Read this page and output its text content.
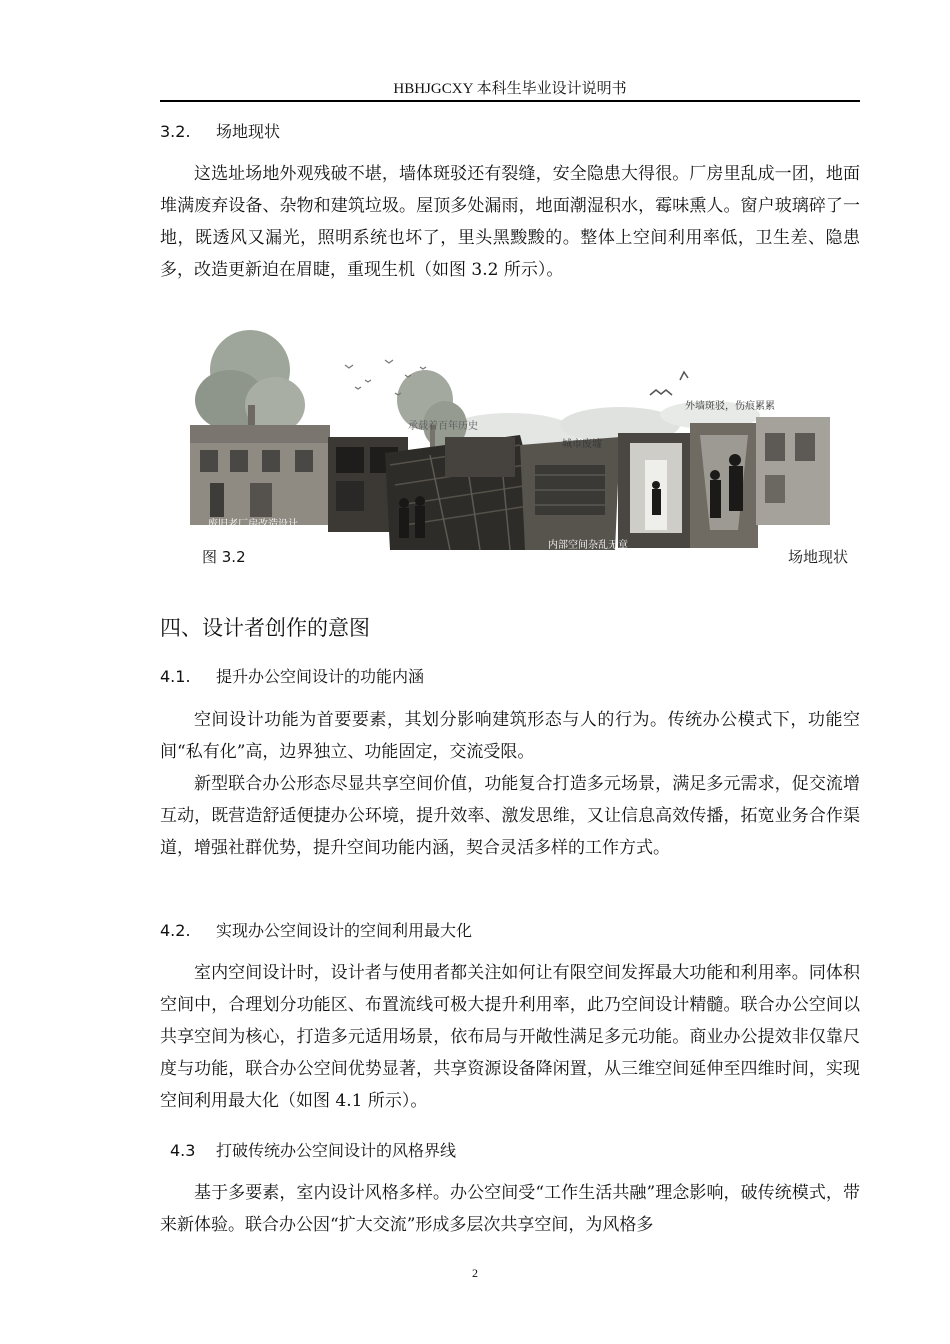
HBHJGCXY 本科生毕业设计说明书
3.2. 场地现状

这选址场地外观残破不堪，墙体斑驳还有裂缝，安全隐患大得很。厂房里乱成一团，地面堆满废弃设备、杂物和建筑垃圾。屋顶多处漏雨，地面潮湿积水，霉味熏人。窗户玻璃碎了一地，既透风又漏光，照明系统也坏了，里头黑黢黢的。整体上空间利用率低，卫生差、隐患多，改造更新迫在眉睫，重现生机（如图 3.2 所示）。

承载着百年历史
城市废墟
外墙斑驳，伤痕累累
废旧老厂房改造设计
内部空间杂乱无章
图 3.2	场地现状
四、设计者创作的意图
4.1. 提升办公空间设计的功能内涵

空间设计功能为首要要素，其划分影响建筑形态与人的行为。传统办公模式下，功能空间“私有化”高，边界独立、功能固定，交流受限。

新型联合办公形态尽显共享空间价值，功能复合打造多元场景，满足多元需求，促交流增互动，既营造舒适便捷办公环境，提升效率、激发思维，又让信息高效传播，拓宽业务合作渠道，增强社群优势，提升空间功能内涵，契合灵活多样的工作方式。

4.2. 实现办公空间设计的空间利用最大化

室内空间设计时，设计者与使用者都关注如何让有限空间发挥最大功能和利用率。同体积空间中，合理划分功能区、布置流线可极大提升利用率，此乃空间设计精髓。联合办公空间以共享空间为核心，打造多元适用场景，依布局与开敞性满足多元功能。商业办公提效非仅靠尺度与功能，联合办公空间优势显著，共享资源设备降闲置，从三维空间延伸至四维时间，实现空间利用最大化（如图 4.1 所示）。

4.3 打破传统办公空间设计的风格界线

基于多要素，室内设计风格多样。办公空间受“工作生活共融”理念影响，破传统模式，带来新体验。联合办公因“扩大交流”形成多层次共享空间，为风格多

2
